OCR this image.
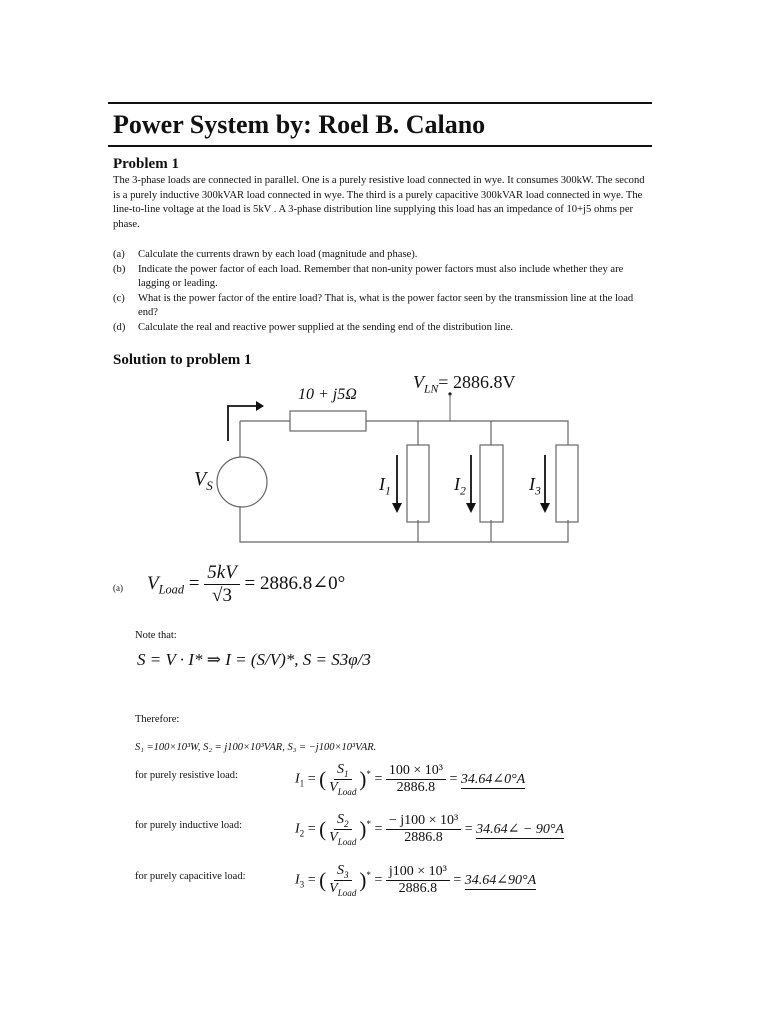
Power System by: Roel B. Calano
Problem 1
The 3-phase loads are connected in parallel. One is a purely resistive load connected in wye. It consumes 300kW. The second is a purely inductive 300kVAR load connected in wye. The third is a purely capacitive 300kVAR load connected in wye. The line-to-line voltage at the load is 5kV . A 3-phase distribution line supplying this load has an impedance of 10+j5 ohms per phase.
(a)	Calculate the currents drawn by each load (magnitude and phase).
(b)	Indicate the power factor of each load. Remember that non-unity power factors must also include whether they are lagging or leading.
(c)	What is the power factor of the entire load? That is, what is the power factor seen by the transmission line at the load end?
(d)	Calculate the real and reactive power supplied at the sending end of the distribution line.
Solution to problem 1
10 + j5Ω
$V_{LN}= 2886.8V$
$V_S$	$I_1$	$I_2$	$I_3$
(a) $V_{Load} = \frac{5kV}{√3}$ = 2886.8∠0°
Note that:
S = V · I* ⇒ I = (S/V)*, S = S3φ/3
Therefore:
S₁ =100×10³W, S₂ = j100×10³VAR, S₃ = −j100×10³VAR.
for purely resistive load:	$I_1$ = ( $\frac{S_1}{V_{Load}} )^* = \frac{\text{100 × 10³}}{2886.8}$ = 34.64∠0°A
for purely inductive load:	$I_2$ = ( $\frac{S_2}{V_{Load}} )^* = \frac{\text{− j100 × 10³}}{2886.8}$ = 34.64∠ − 90°A
for purely capacitive load:	$I_3$ = ( $\frac{S_3}{V_{Load}} )^* = \frac{\text{j100 × 10³}}{2886.8}$ = 34.64∠90°A
